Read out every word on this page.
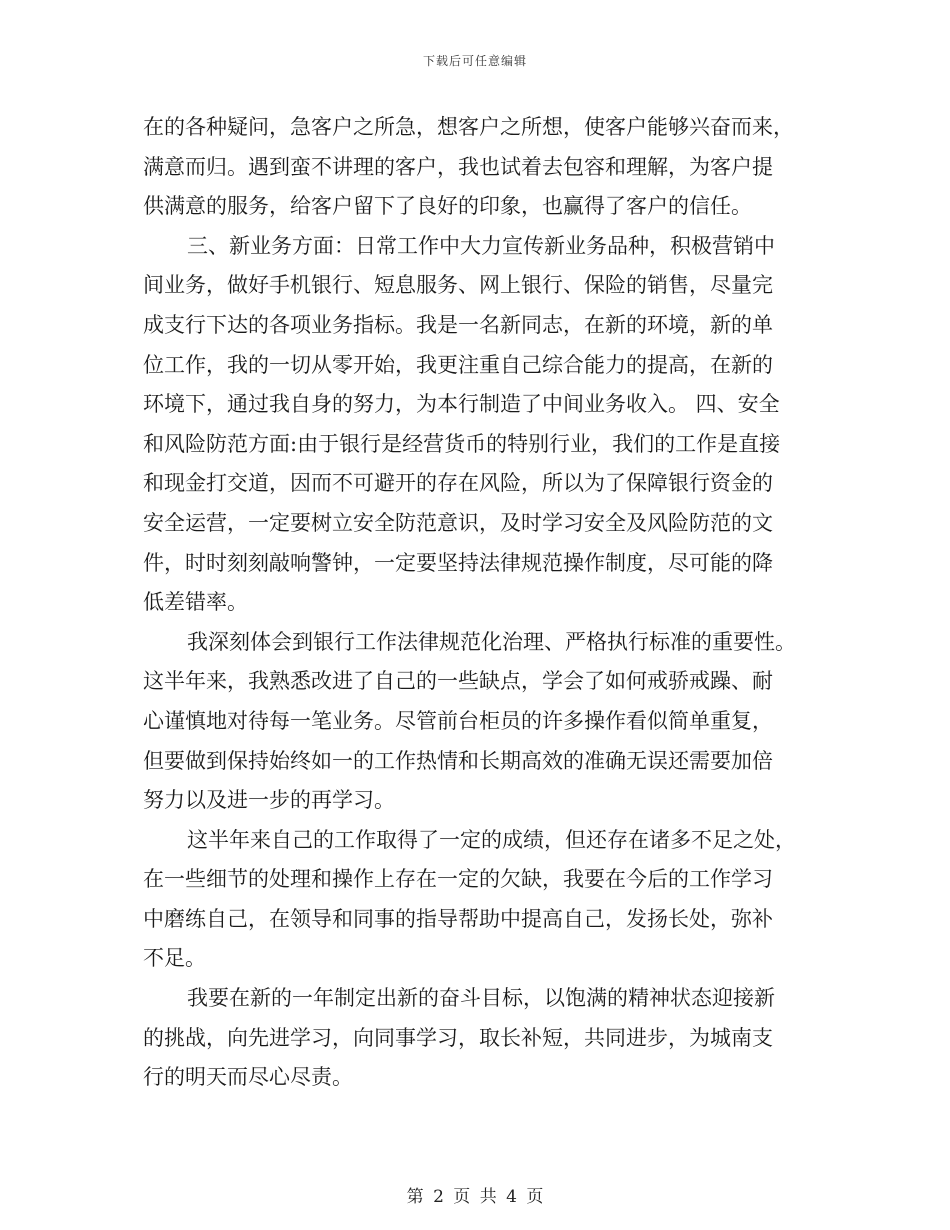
下载后可任意编辑

在的各种疑问，急客户之所急，想客户之所想，使客户能够兴奋而来，
满意而归。遇到蛮不讲理的客户，我也试着去包容和理解，为客户提
供满意的服务，给客户留下了良好的印象，也赢得了客户的信任。

三、新业务方面：日常工作中大力宣传新业务品种，积极营销中
间业务，做好手机银行、短息服务、网上银行、保险的销售，尽量完
成支行下达的各项业务指标。我是一名新同志，在新的环境，新的单
位工作，我的一切从零开始，我更注重自己综合能力的提高，在新的
环境下，通过我自身的努力，为本行制造了中间业务收入。 四、安全
和风险防范方面:由于银行是经营货币的特别行业，我们的工作是直接
和现金打交道，因而不可避开的存在风险，所以为了保障银行资金的
安全运营，一定要树立安全防范意识，及时学习安全及风险防范的文
件，时时刻刻敲响警钟，一定要坚持法律规范操作制度，尽可能的降
低差错率。

我深刻体会到银行工作法律规范化治理、严格执行标准的重要性。
这半年来，我熟悉改进了自己的一些缺点，学会了如何戒骄戒躁、耐
心谨慎地对待每一笔业务。尽管前台柜员的许多操作看似简单重复，
但要做到保持始终如一的工作热情和长期高效的准确无误还需要加倍
努力以及进一步的再学习。

这半年来自己的工作取得了一定的成绩，但还存在诸多不足之处，
在一些细节的处理和操作上存在一定的欠缺，我要在今后的工作学习
中磨练自己，在领导和同事的指导帮助中提高自己，发扬长处，弥补
不足。

我要在新的一年制定出新的奋斗目标，以饱满的精神状态迎接新
的挑战，向先进学习，向同事学习，取长补短，共同进步，为城南支
行的明天而尽心尽责。

第 2 页 共 4 页
